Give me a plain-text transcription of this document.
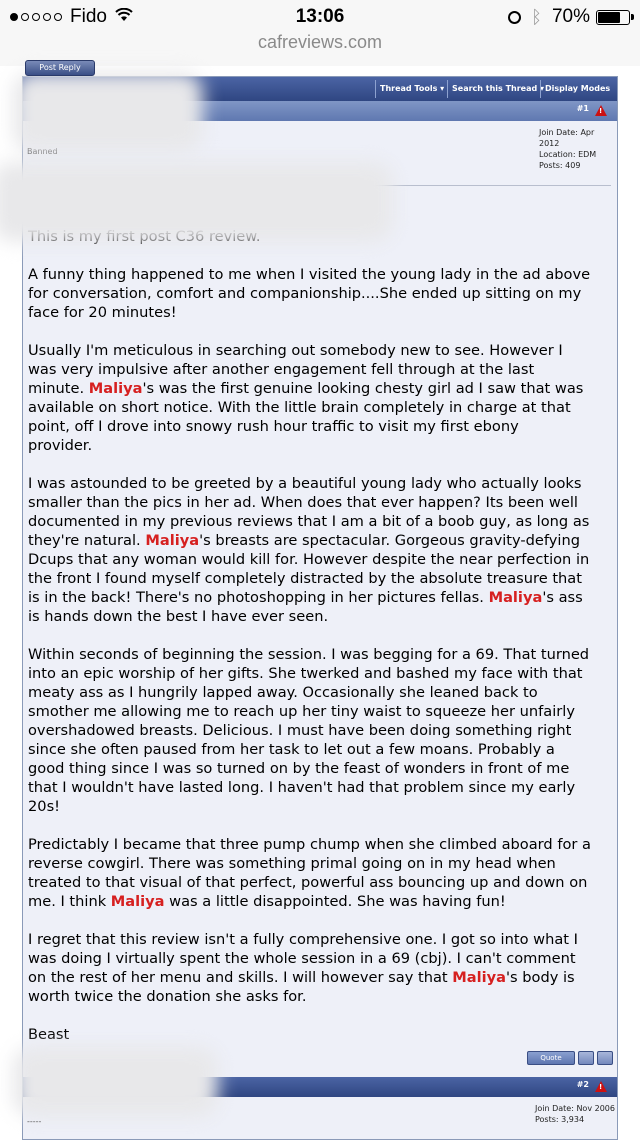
Fido	13:06	ᛒ 70%
cafreviews.com
Thread Tools ▾ Search this Thread ▾ Display Modes
#1
!
Join Date: Apr 2012
Location: EDM
Posts: 409

A funny thing happened to me when I visited the young lady in the ad above
for conversation, comfort and companionship....She ended up sitting on my
face for 20 minutes!

Usually I'm meticulous in searching out somebody new to see. However I
was very impulsive after another engagement fell through at the last
minute. Maliya's was the first genuine looking chesty girl ad I saw that was
available on short notice. With the little brain completely in charge at that
point, off I drove into snowy rush hour traffic to visit my first ebony
provider.

I was astounded to be greeted by a beautiful young lady who actually looks
smaller than the pics in her ad. When does that ever happen? Its been well
documented in my previous reviews that I am a bit of a boob guy, as long as
they're natural. Maliya's breasts are spectacular. Gorgeous gravity-defying
Dcups that any woman would kill for. However despite the near perfection in
the front I found myself completely distracted by the absolute treasure that
is in the back! There's no photoshopping in her pictures fellas. Maliya's ass
is hands down the best I have ever seen.

Within seconds of beginning the session. I was begging for a 69. That turned
into an epic worship of her gifts. She twerked and bashed my face with that
meaty ass as I hungrily lapped away. Occasionally she leaned back to
smother me allowing me to reach up her tiny waist to squeeze her unfairly
overshadowed breasts. Delicious. I must have been doing something right
since she often paused from her task to let out a few moans. Probably a
good thing since I was so turned on by the feast of wonders in front of me
that I wouldn't have lasted long. I haven't had that problem since my early
20s!

Predictably I became that three pump chump when she climbed aboard for a
reverse cowgirl. There was something primal going on in my head when
treated to that visual of that perfect, powerful ass bouncing up and down on
me. I think Maliya was a little disappointed. She was having fun!

I regret that this review isn't a fully comprehensive one. I got so into what I
was doing I virtually spent the whole session in a 69 (cbj). I can't comment
on the rest of her menu and skills. I will however say that Maliya's body is
worth twice the donation she asks for.

Beast

Quote
#2
!
Join Date: Nov 2006
Posts: 3,934
-----
Post Reply
